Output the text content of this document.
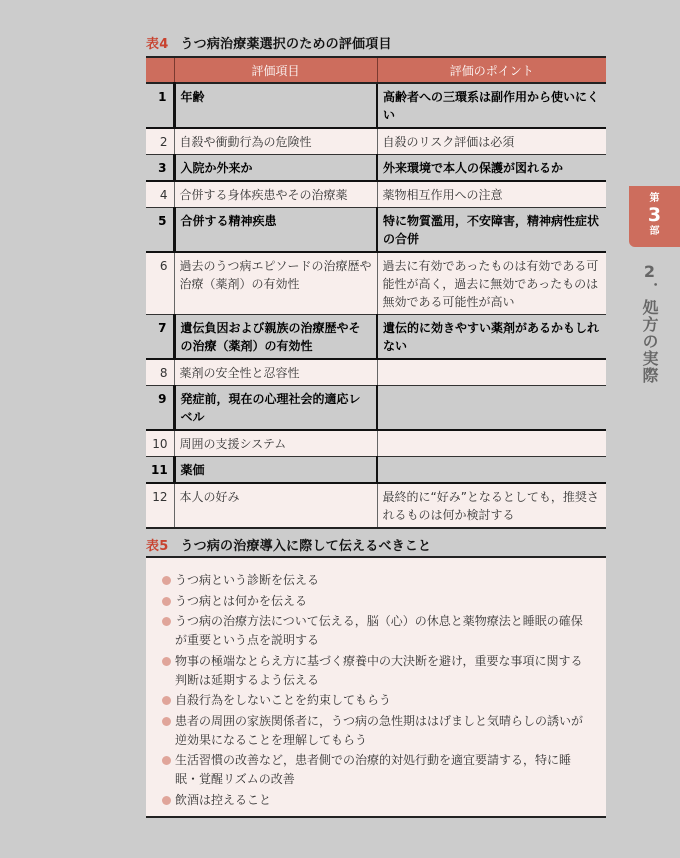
表4 うつ病治療薬選択のための評価項目
	評価項目	評価のポイント
1	年齢	高齢者への三環系は副作用から使いにくい
2	自殺や衝動行為の危険性	自殺のリスク評価は必須
3	入院か外来か	外来環境で本人の保護が図れるか
4	合併する身体疾患やその治療薬	薬物相互作用への注意
5	合併する精神疾患	特に物質濫用，不安障害，精神病性症状の合併
6	過去のうつ病エピソードの治療歴や治療（薬剤）の有効性	過去に有効であったものは有効である可能性が高く，過去に無効であったものは無効である可能性が高い
7	遺伝負因および親族の治療歴やその治療（薬剤）の有効性	遺伝的に効きやすい薬剤があるかもしれない
8	薬剤の安全性と忍容性	
9	発症前，現在の心理社会的適応レベル	
10	周囲の支援システム	
11	薬価	
12	本人の好み	最終的に“好み”となるとしても，推奨されるものは何か検討する
表5 うつ病の治療導入に際して伝えるべきこと
うつ病という診断を伝える
うつ病とは何かを伝える
うつ病の治療方法について伝える，脳（心）の休息と薬物療法と睡眠の確保が重要という点を説明する
物事の極端なとらえ方に基づく療養中の大決断を避け，重要な事項に関する判断は延期するよう伝える
自殺行為をしないことを約束してもらう
患者の周囲の家族関係者に，うつ病の急性期ははげましと気晴らしの誘いが逆効果になることを理解してもらう
生活習慣の改善など，患者側での治療的対処行動を適宜要請する，特に睡眠・覚醒リズムの改善
飲酒は控えること
第
3
部
2．処方の実際
